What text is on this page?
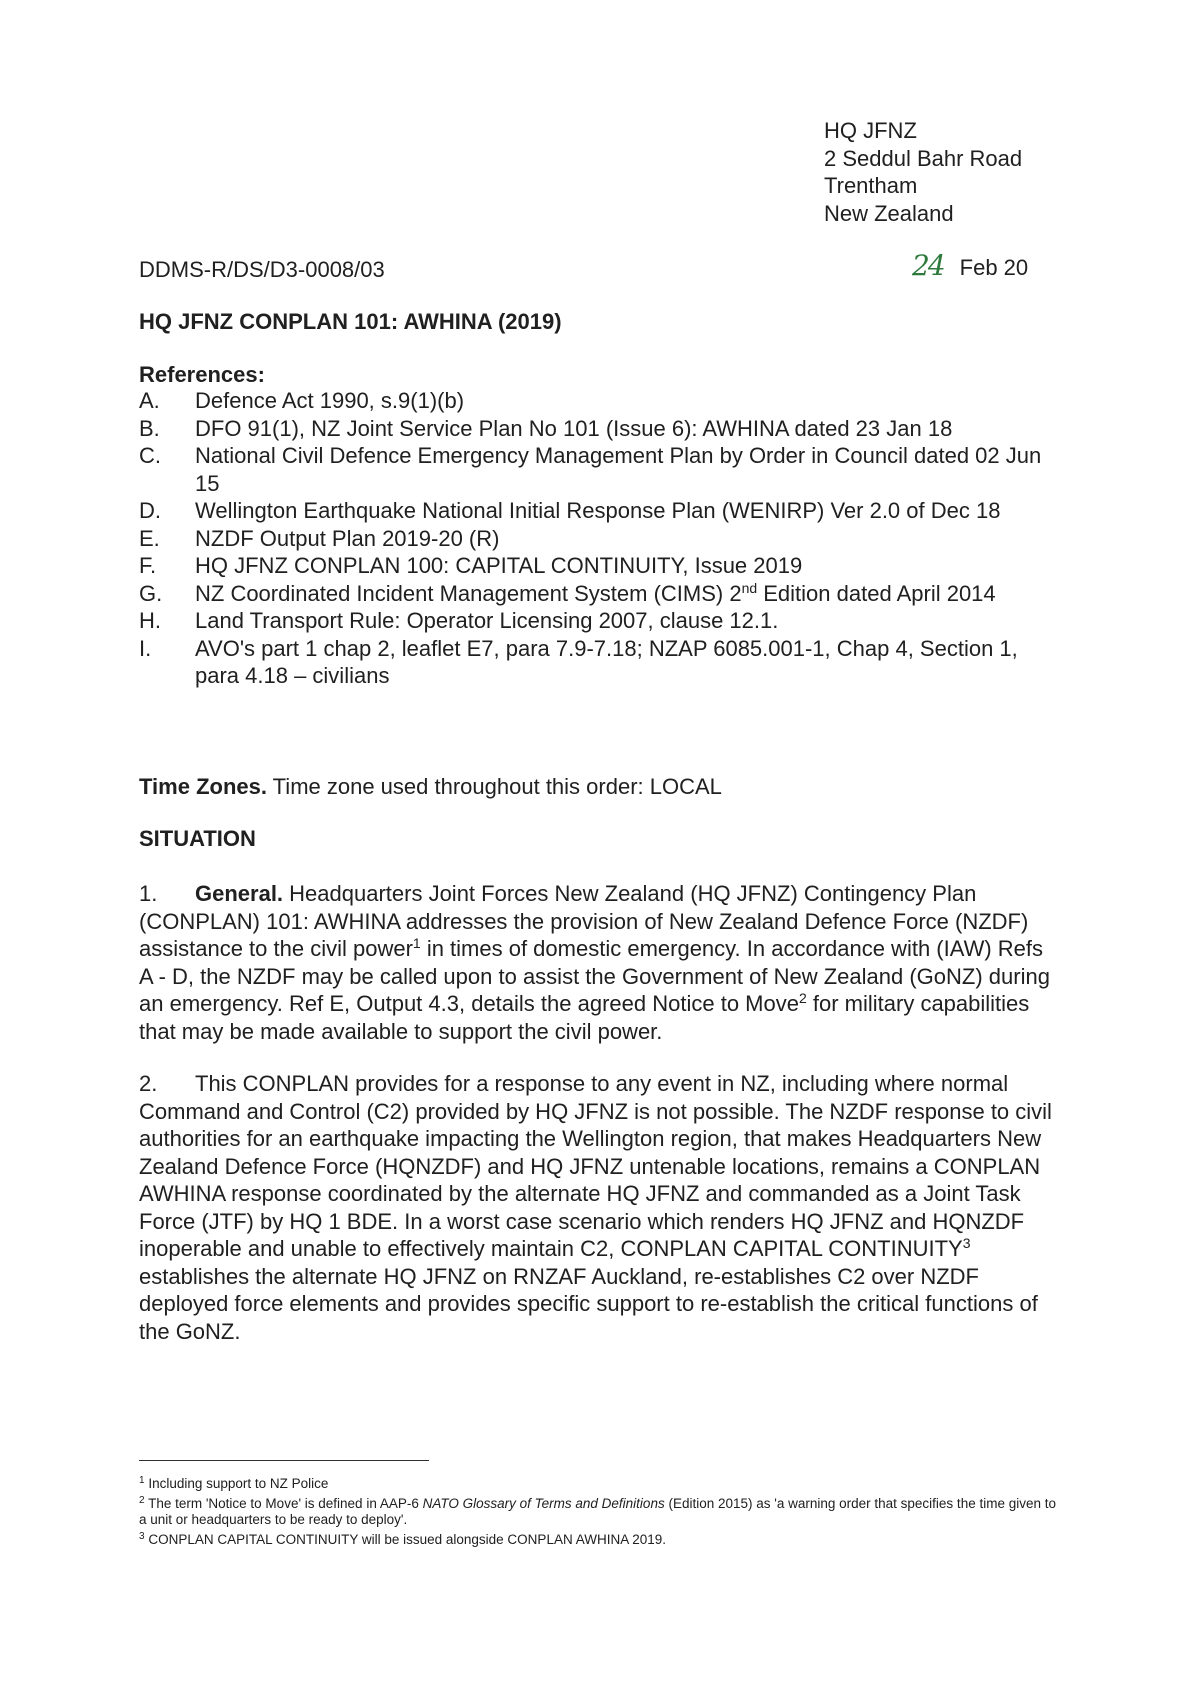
HQ JFNZ
2 Seddul Bahr Road
Trentham
New Zealand
DDMS-R/DS/D3-0008/03	24 Feb 20
HQ JFNZ CONPLAN 101: AWHINA (2019)
References:
A.	Defence Act 1990, s.9(1)(b)
B.	DFO 91(1), NZ Joint Service Plan No 101 (Issue 6): AWHINA dated 23 Jan 18
C.	National Civil Defence Emergency Management Plan by Order in Council dated 02 Jun 15
D.	Wellington Earthquake National Initial Response Plan (WENIRP) Ver 2.0 of Dec 18
E.	NZDF Output Plan 2019-20 (R)
F.	HQ JFNZ CONPLAN 100: CAPITAL CONTINUITY, Issue 2019
G.	NZ Coordinated Incident Management System (CIMS) 2nd Edition dated April 2014
H.	Land Transport Rule: Operator Licensing 2007, clause 12.1.
I.	AVO's part 1 chap 2, leaflet E7, para 7.9-7.18; NZAP 6085.001-1, Chap 4, Section 1, para 4.18 – civilians
Time Zones. Time zone used throughout this order: LOCAL
SITUATION
1. General. Headquarters Joint Forces New Zealand (HQ JFNZ) Contingency Plan (CONPLAN) 101: AWHINA addresses the provision of New Zealand Defence Force (NZDF) assistance to the civil power$^1$ in times of domestic emergency. In accordance with (IAW) Refs A - D, the NZDF may be called upon to assist the Government of New Zealand (GoNZ) during an emergency. Ref E, Output 4.3, details the agreed Notice to Move$^2$ for military capabilities that may be made available to support the civil power.
2. This CONPLAN provides for a response to any event in NZ, including where normal Command and Control (C2) provided by HQ JFNZ is not possible. The NZDF response to civil authorities for an earthquake impacting the Wellington region, that makes Headquarters New Zealand Defence Force (HQNZDF) and HQ JFNZ untenable locations, remains a CONPLAN AWHINA response coordinated by the alternate HQ JFNZ and commanded as a Joint Task Force (JTF) by HQ 1 BDE. In a worst case scenario which renders HQ JFNZ and HQNZDF inoperable and unable to effectively maintain C2, CONPLAN CAPITAL CONTINUITY$^3$ establishes the alternate HQ JFNZ on RNZAF Auckland, re-establishes C2 over NZDF deployed force elements and provides specific support to re-establish the critical functions of the GoNZ.
$^1$ Including support to NZ Police
$^2$ The term 'Notice to Move' is defined in AAP-6 NATO Glossary of Terms and Definitions (Edition 2015) as 'a warning order that specifies the time given to a unit or headquarters to be ready to deploy'.
$^3$ CONPLAN CAPITAL CONTINUITY will be issued alongside CONPLAN AWHINA 2019.
